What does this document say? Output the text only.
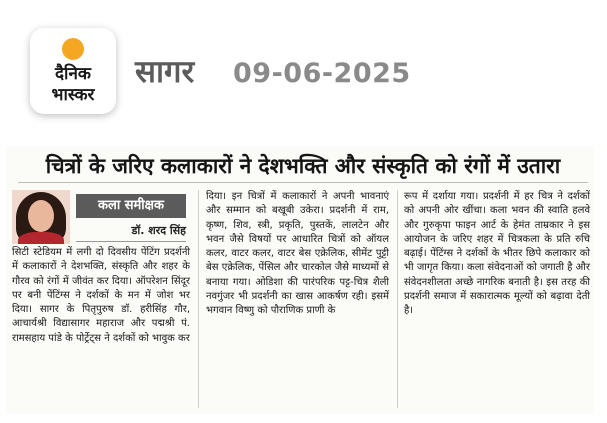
दैनिक
भास्कर
सागर 09-06-2025
चित्रों के जरिए कलाकारों ने देशभक्ति और संस्कृति को रंगों में उतारा
कला समीक्षक
डॉ. शरद सिंह

सिटी स्टेडियम में लगी दो दिवसीय पेंटिंग प्रदर्शनी में कलाकारों ने देशभक्ति, संस्कृति और शहर के गौरव को रंगों में जीवंत कर दिया। ऑपरेशन सिंदूर पर बनी पेंटिंग्स ने दर्शकों के मन में जोश भर दिया। सागर के पितृपुरुष डॉ. हरीसिंह गौर, आचार्यश्री विद्यासागर महाराज और पद्मश्री पं. रामसहाय पांडे के पोर्ट्रेट्स ने दर्शकों को भावुक कर

दिया। इन चित्रों में कलाकारों ने अपनी भावनाएं और सम्मान को बखूबी उकेरा। प्रदर्शनी में राम, कृष्ण, शिव, स्त्री, प्रकृति, पुस्तकें, लालटेन और भवन जैसे विषयों पर आधारित चित्रों को ऑयल कलर, वाटर कलर, वाटर बेस एक्रेलिक, सीमेंट पुट्टी बेस एक्रेलिक, पेंसिल और चारकोल जैसे माध्यमों से बनाया गया। ओडिशा की पारंपरिक पट्ट-चित्र शैली नवगुंजर भी प्रदर्शनी का खास आकर्षण रही। इसमें भगवान विष्णु को पौराणिक प्राणी के

रूप में दर्शाया गया। प्रदर्शनी में हर चित्र ने दर्शकों को अपनी ओर खींचा। कला भवन की स्वाति हलवे और गुरुकृपा फाइन आर्ट के हेमंत ताम्रकार ने इस आयोजन के जरिए शहर में चित्रकला के प्रति रुचि बढ़ाई। पेंटिंग्स ने दर्शकों के भीतर छिपे कलाकार को भी जागृत किया। कला संवेदनाओं को जगाती है और संवेदनशीलता अच्छे नागरिक बनाती है। इस तरह की प्रदर्शनी समाज में सकारात्मक मूल्यों को बढ़ावा देती है।
